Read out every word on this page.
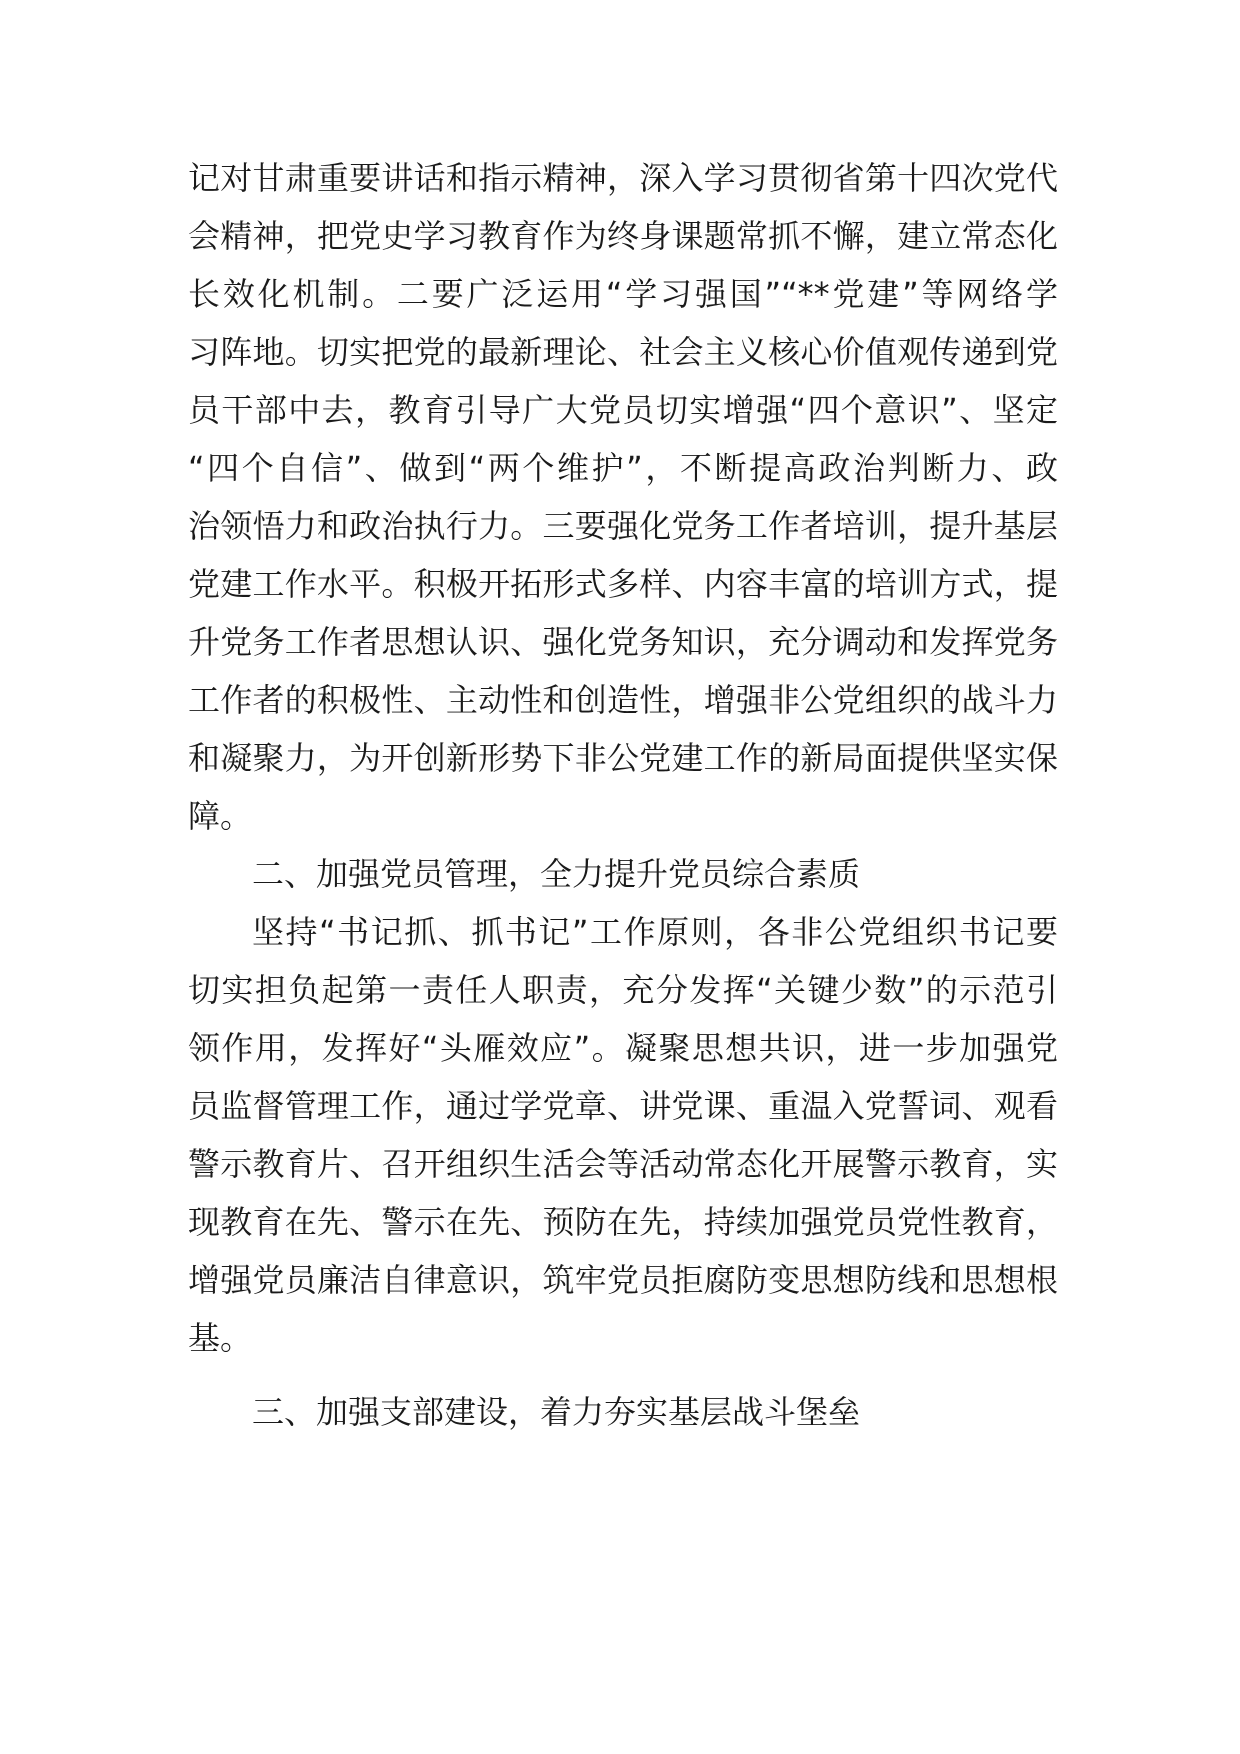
记对甘肃重要讲话和指示精神，深入学习贯彻省第十四次党代
会精神，把党史学习教育作为终身课题常抓不懈，建立常态化
长效化机制。二要广泛运用“学习强国”“**党建”等网络学
习阵地。切实把党的最新理论、社会主义核心价值观传递到党
员干部中去，教育引导广大党员切实增强“四个意识”、坚定
“四个自信”、做到“两个维护”，不断提高政治判断力、政
治领悟力和政治执行力。三要强化党务工作者培训，提升基层
党建工作水平。积极开拓形式多样、内容丰富的培训方式，提
升党务工作者思想认识、强化党务知识，充分调动和发挥党务
工作者的积极性、主动性和创造性，增强非公党组织的战斗力
和凝聚力，为开创新形势下非公党建工作的新局面提供坚实保
障。
二、加强党员管理，全力提升党员综合素质
坚持“书记抓、抓书记”工作原则，各非公党组织书记要
切实担负起第一责任人职责，充分发挥“关键少数”的示范引
领作用，发挥好“头雁效应”。凝聚思想共识，进一步加强党
员监督管理工作，通过学党章、讲党课、重温入党誓词、观看
警示教育片、召开组织生活会等活动常态化开展警示教育，实
现教育在先、警示在先、预防在先，持续加强党员党性教育，
增强党员廉洁自律意识，筑牢党员拒腐防变思想防线和思想根
基。
三、加强支部建设，着力夯实基层战斗堡垒
